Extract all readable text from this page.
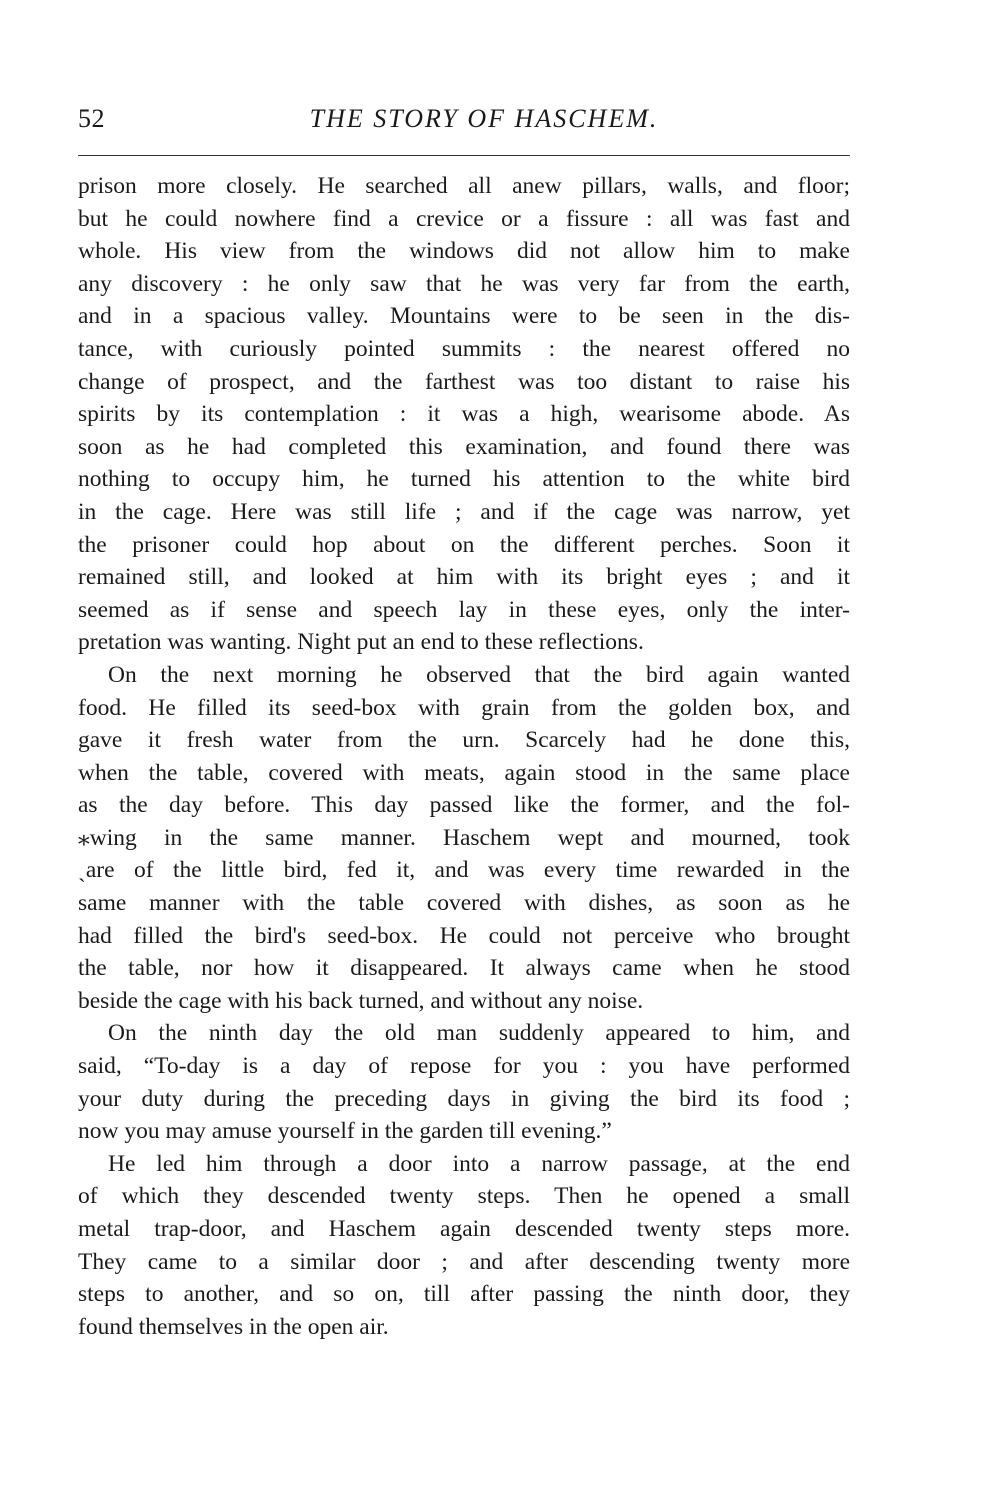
52	THE STORY OF HASCHEM.
prison more closely. He searched all anew pillars, walls, and floor;
but he could nowhere find a crevice or a fissure : all was fast and
whole. His view from the windows did not allow him to make
any discovery : he only saw that he was very far from the earth,
and in a spacious valley. Mountains were to be seen in the dis-
tance, with curiously pointed summits : the nearest offered no
change of prospect, and the farthest was too distant to raise his
spirits by its contemplation : it was a high, wearisome abode. As
soon as he had completed this examination, and found there was
nothing to occupy him, he turned his attention to the white bird
in the cage. Here was still life ; and if the cage was narrow, yet
the prisoner could hop about on the different perches. Soon it
remained still, and looked at him with its bright eyes ; and it
seemed as if sense and speech lay in these eyes, only the inter-
pretation was wanting. Night put an end to these reflections.
On the next morning he observed that the bird again wanted
food. He filled its seed-box with grain from the golden box, and
gave it fresh water from the urn. Scarcely had he done this,
when the table, covered with meats, again stood in the same place
as the day before. This day passed like the former, and the fol-
⁎wing in the same manner. Haschem wept and mourned, took
ˎare of the little bird, fed it, and was every time rewarded in the
same manner with the table covered with dishes, as soon as he
had filled the bird's seed-box. He could not perceive who brought
the table, nor how it disappeared. It always came when he stood
beside the cage with his back turned, and without any noise.
On the ninth day the old man suddenly appeared to him, and
said, “To-day is a day of repose for you : you have performed
your duty during the preceding days in giving the bird its food ;
now you may amuse yourself in the garden till evening.”
He led him through a door into a narrow passage, at the end
of which they descended twenty steps. Then he opened a small
metal trap-door, and Haschem again descended twenty steps more.
They came to a similar door ; and after descending twenty more
steps to another, and so on, till after passing the ninth door, they
found themselves in the open air.
